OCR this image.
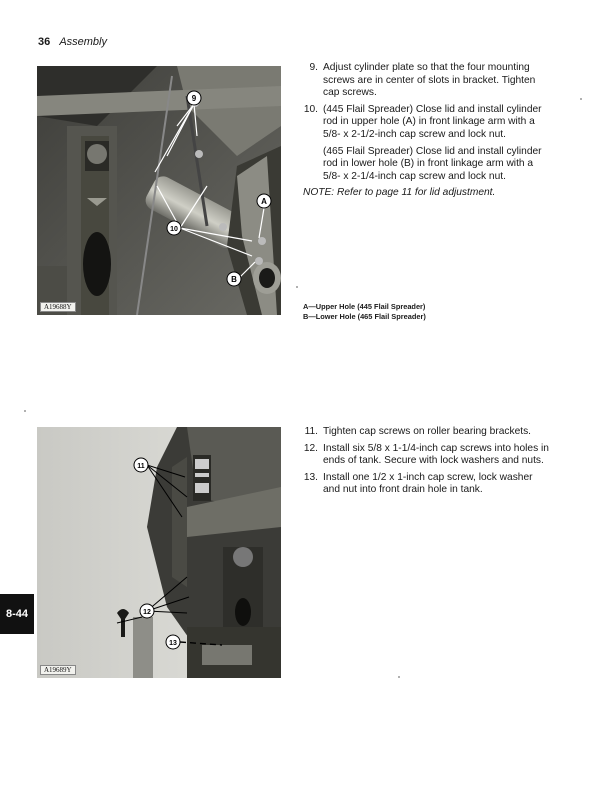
36 Assembly
9
10
A
B
A19688Y
9. Adjust cylinder plate so that the four mounting screws are in center of slots in bracket. Tighten cap screws.
10. (445 Flail Spreader) Close lid and install cylinder rod in upper hole (A) in front linkage arm with a 5/8- x 2-1/2-inch cap screw and lock nut.
(465 Flail Spreader) Close lid and install cylinder rod in lower hole (B) in front linkage arm with a 5/8- x 2-1/4-inch cap screw and lock nut.
NOTE: Refer to page 11 for lid adjustment.
A—Upper Hole (445 Flail Spreader)
B—Lower Hole (465 Flail Spreader)
11
12
13
A19689Y
11. Tighten cap screws on roller bearing brackets.
12. Install six 5/8 x 1-1/4-inch cap screws into holes in ends of tank. Secure with lock washers and nuts.
13. Install one 1/2 x 1-inch cap screw, lock washer and nut into front drain hole in tank.
8-44
